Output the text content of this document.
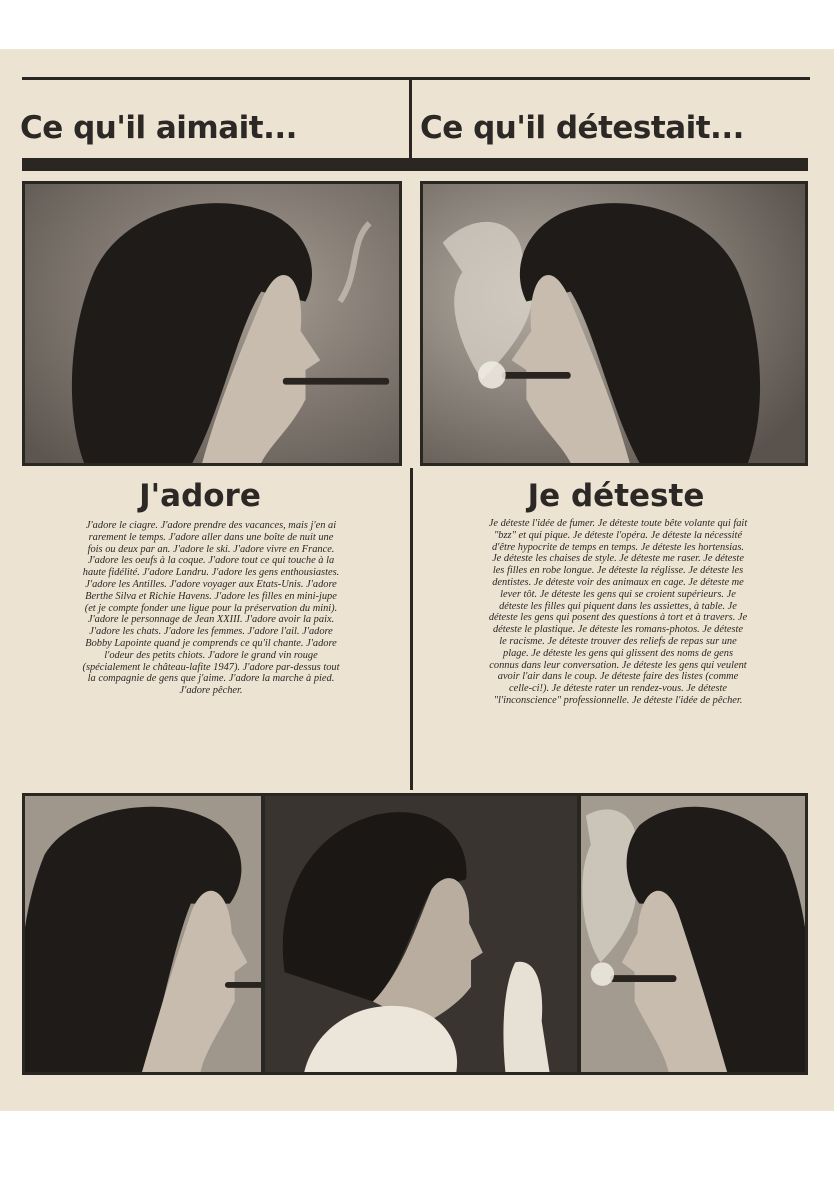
Ce qu'il aimait...	Ce qu'il détestait...
J'adore

J'adore le ciagre. J'adore prendre des vacances, mais j'en ai rarement le temps. J'adore aller dans une boîte de nuit une fois ou deux par an. J'adore le ski. J'adore vivre en France. J'adore les oeufs à la coque. J'adore tout ce qui touche à la haute fidélité. J'adore Landru. J'adore les gens enthousiastes. J'adore les Antilles. J'adore voyager aux Etats-Unis. J'adore Berthe Silva et Richie Havens. J'adore les filles en mini-jupe (et je compte fonder une ligue pour la préservation du mini). J'adore le personnage de Jean XXIII. J'adore avoir la paix. J'adore les chats. J'adore les femmes. J'adore l'ail. J'adore Bobby Lapointe quand je comprends ce qu'il chante. J'adore l'odeur des petits chiots. J'adore le grand vin rouge (spécialement le château-lafite 1947). J'adore par-dessus tout la compagnie de gens que j'aime. J'adore la marche à pied. J'adore pêcher.

Je déteste

Je déteste l'idée de fumer. Je déteste toute bête volante qui fait "bzz" et qui pique. Je déteste l'opéra. Je déteste la nécessité d'être hypocrite de temps en temps. Je déteste les hortensias. Je déteste les chaises de style. Je déteste me raser. Je déteste les filles en robe longue. Je déteste la réglisse. Je déteste les dentistes. Je déteste voir des animaux en cage. Je déteste me lever tôt. Je déteste les gens qui se croient supérieurs. Je déteste les filles qui piquent dans les assiettes, à table. Je déteste les gens qui posent des questions à tort et à travers. Je déteste le plastique. Je déteste les romans-photos. Je déteste le racisme. Je déteste trouver des reliefs de repas sur une plage. Je déteste les gens qui glissent des noms de gens connus dans leur conversation. Je déteste les gens qui veulent avoir l'air dans le coup. Je déteste faire des listes (comme celle-ci!). Je déteste rater un rendez-vous. Je déteste "l'inconscience" professionnelle. Je déteste l'idée de pêcher.
